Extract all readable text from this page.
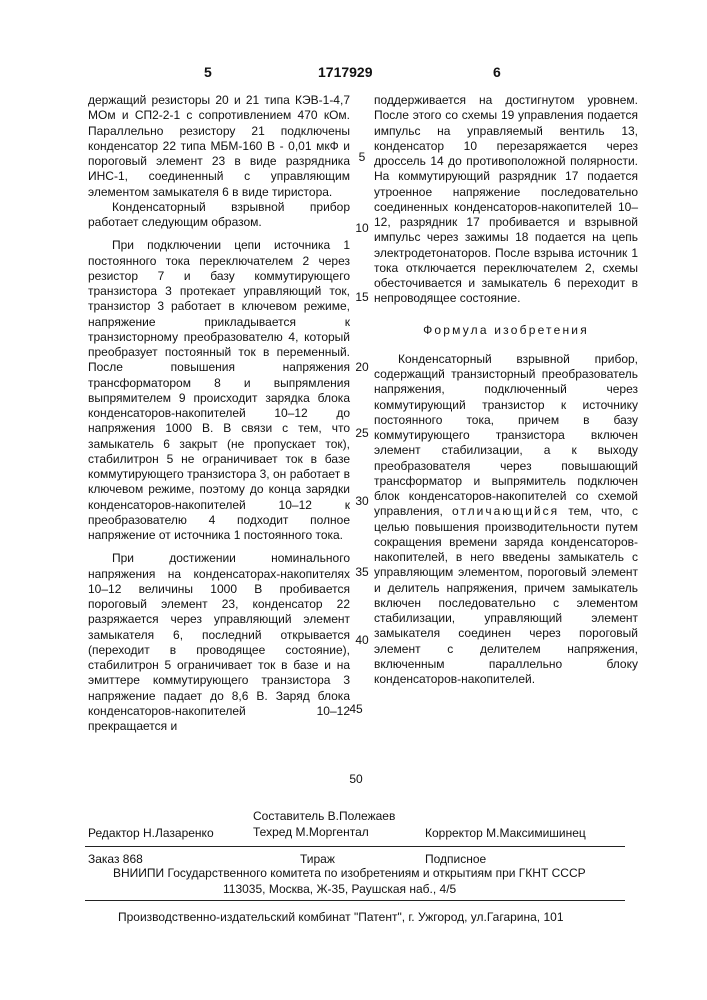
5	1717929	6

держащий резисторы 20 и 21 типа КЭВ-1-4,7 МОм и СП2-2-1 с сопротивлением 470 кОм. Параллельно резистору 21 подключены конденсатор 22 типа МБМ-160 В - 0,01 мкФ и пороговый элемент 23 в виде разрядника ИНС-1, соединенный с управляющим элементом замыкателя 6 в виде тиристора.

Конденсаторный взрывной прибор работает следующим образом.

При подключении цепи источника 1 постоянного тока переключателем 2 через резистор 7 и базу коммутирующего транзистора 3 протекает управляющий ток, транзистор 3 работает в ключевом режиме, напряжение прикладывается к транзисторному преобразователю 4, который преобразует постоянный ток в переменный. После повышения напряжения трансформатором 8 и выпрямления выпрямителем 9 происходит зарядка блока конденсаторов-накопителей 10–12 до напряжения 1000 В. В связи с тем, что замыкатель 6 закрыт (не пропускает ток), стабилитрон 5 не ограничивает ток в базе коммутирующего транзистора 3, он работает в ключевом режиме, поэтому до конца зарядки конденсаторов-накопителей 10–12 к преобразователю 4 подходит полное напряжение от источника 1 постоянного тока.

При достижении номинального напряжения на конденсаторах-накопителях 10–12 величины 1000 В пробивается пороговый элемент 23, конденсатор 22 разряжается через управляющий элемент замыкателя 6, последний открывается (переходит в проводящее состояние), стабилитрон 5 ограничивает ток в базе и на эмиттере коммутирующего транзистора 3 напряжение падает до 8,6 В. Заряд блока конденсаторов-накопителей 10–12 прекращается и

5
10
15
20
25
30
35
40
45
50

поддерживается на достигнутом уровнем. После этого со схемы 19 управления подается импульс на управляемый вентиль 13, конденсатор 10 перезаряжается через дроссель 14 до противоположной полярности. На коммутирующий разрядник 17 подается утроенное напряжение последовательно соединенных конденсаторов-накопителей 10–12, разрядник 17 пробивается и взрывной импульс через зажимы 18 подается на цепь электродетонаторов. После взрыва источник 1 тока отключается переключателем 2, схемы обесточивается и замыкатель 6 переходит в непроводящее состояние.

Формула изобретения

Конденсаторный взрывной прибор, содержащий транзисторный преобразователь напряжения, подключенный через коммутирующий транзистор к источнику постоянного тока, причем в базу коммутирующего транзистора включен элемент стабилизации, а к выходу преобразователя через повышающий трансформатор и выпрямитель подключен блок конденсаторов-накопителей со схемой управления, отличающийся тем, что, с целью повышения производительности путем сокращения времени заряда конденсаторов-накопителей, в него введены замыкатель с управляющим элементом, пороговый элемент и делитель напряжения, причем замыкатель включен последовательно с элементом стабилизации, управляющий элемент замыкателя соединен через пороговый элемент с делителем напряжения, включенным параллельно блоку конденсаторов-накопителей.

Составитель В.Полежаев
Редактор Н.Лазаренко	Техред М.Моргентал	Корректор М.Максимишинец
Заказ 868	Тираж	Подписное
ВНИИПИ Государственного комитета по изобретениям и открытиям при ГКНТ СССР
113035, Москва, Ж-35, Раушская наб., 4/5
Производственно-издательский комбинат "Патент", г. Ужгород, ул.Гагарина, 101
